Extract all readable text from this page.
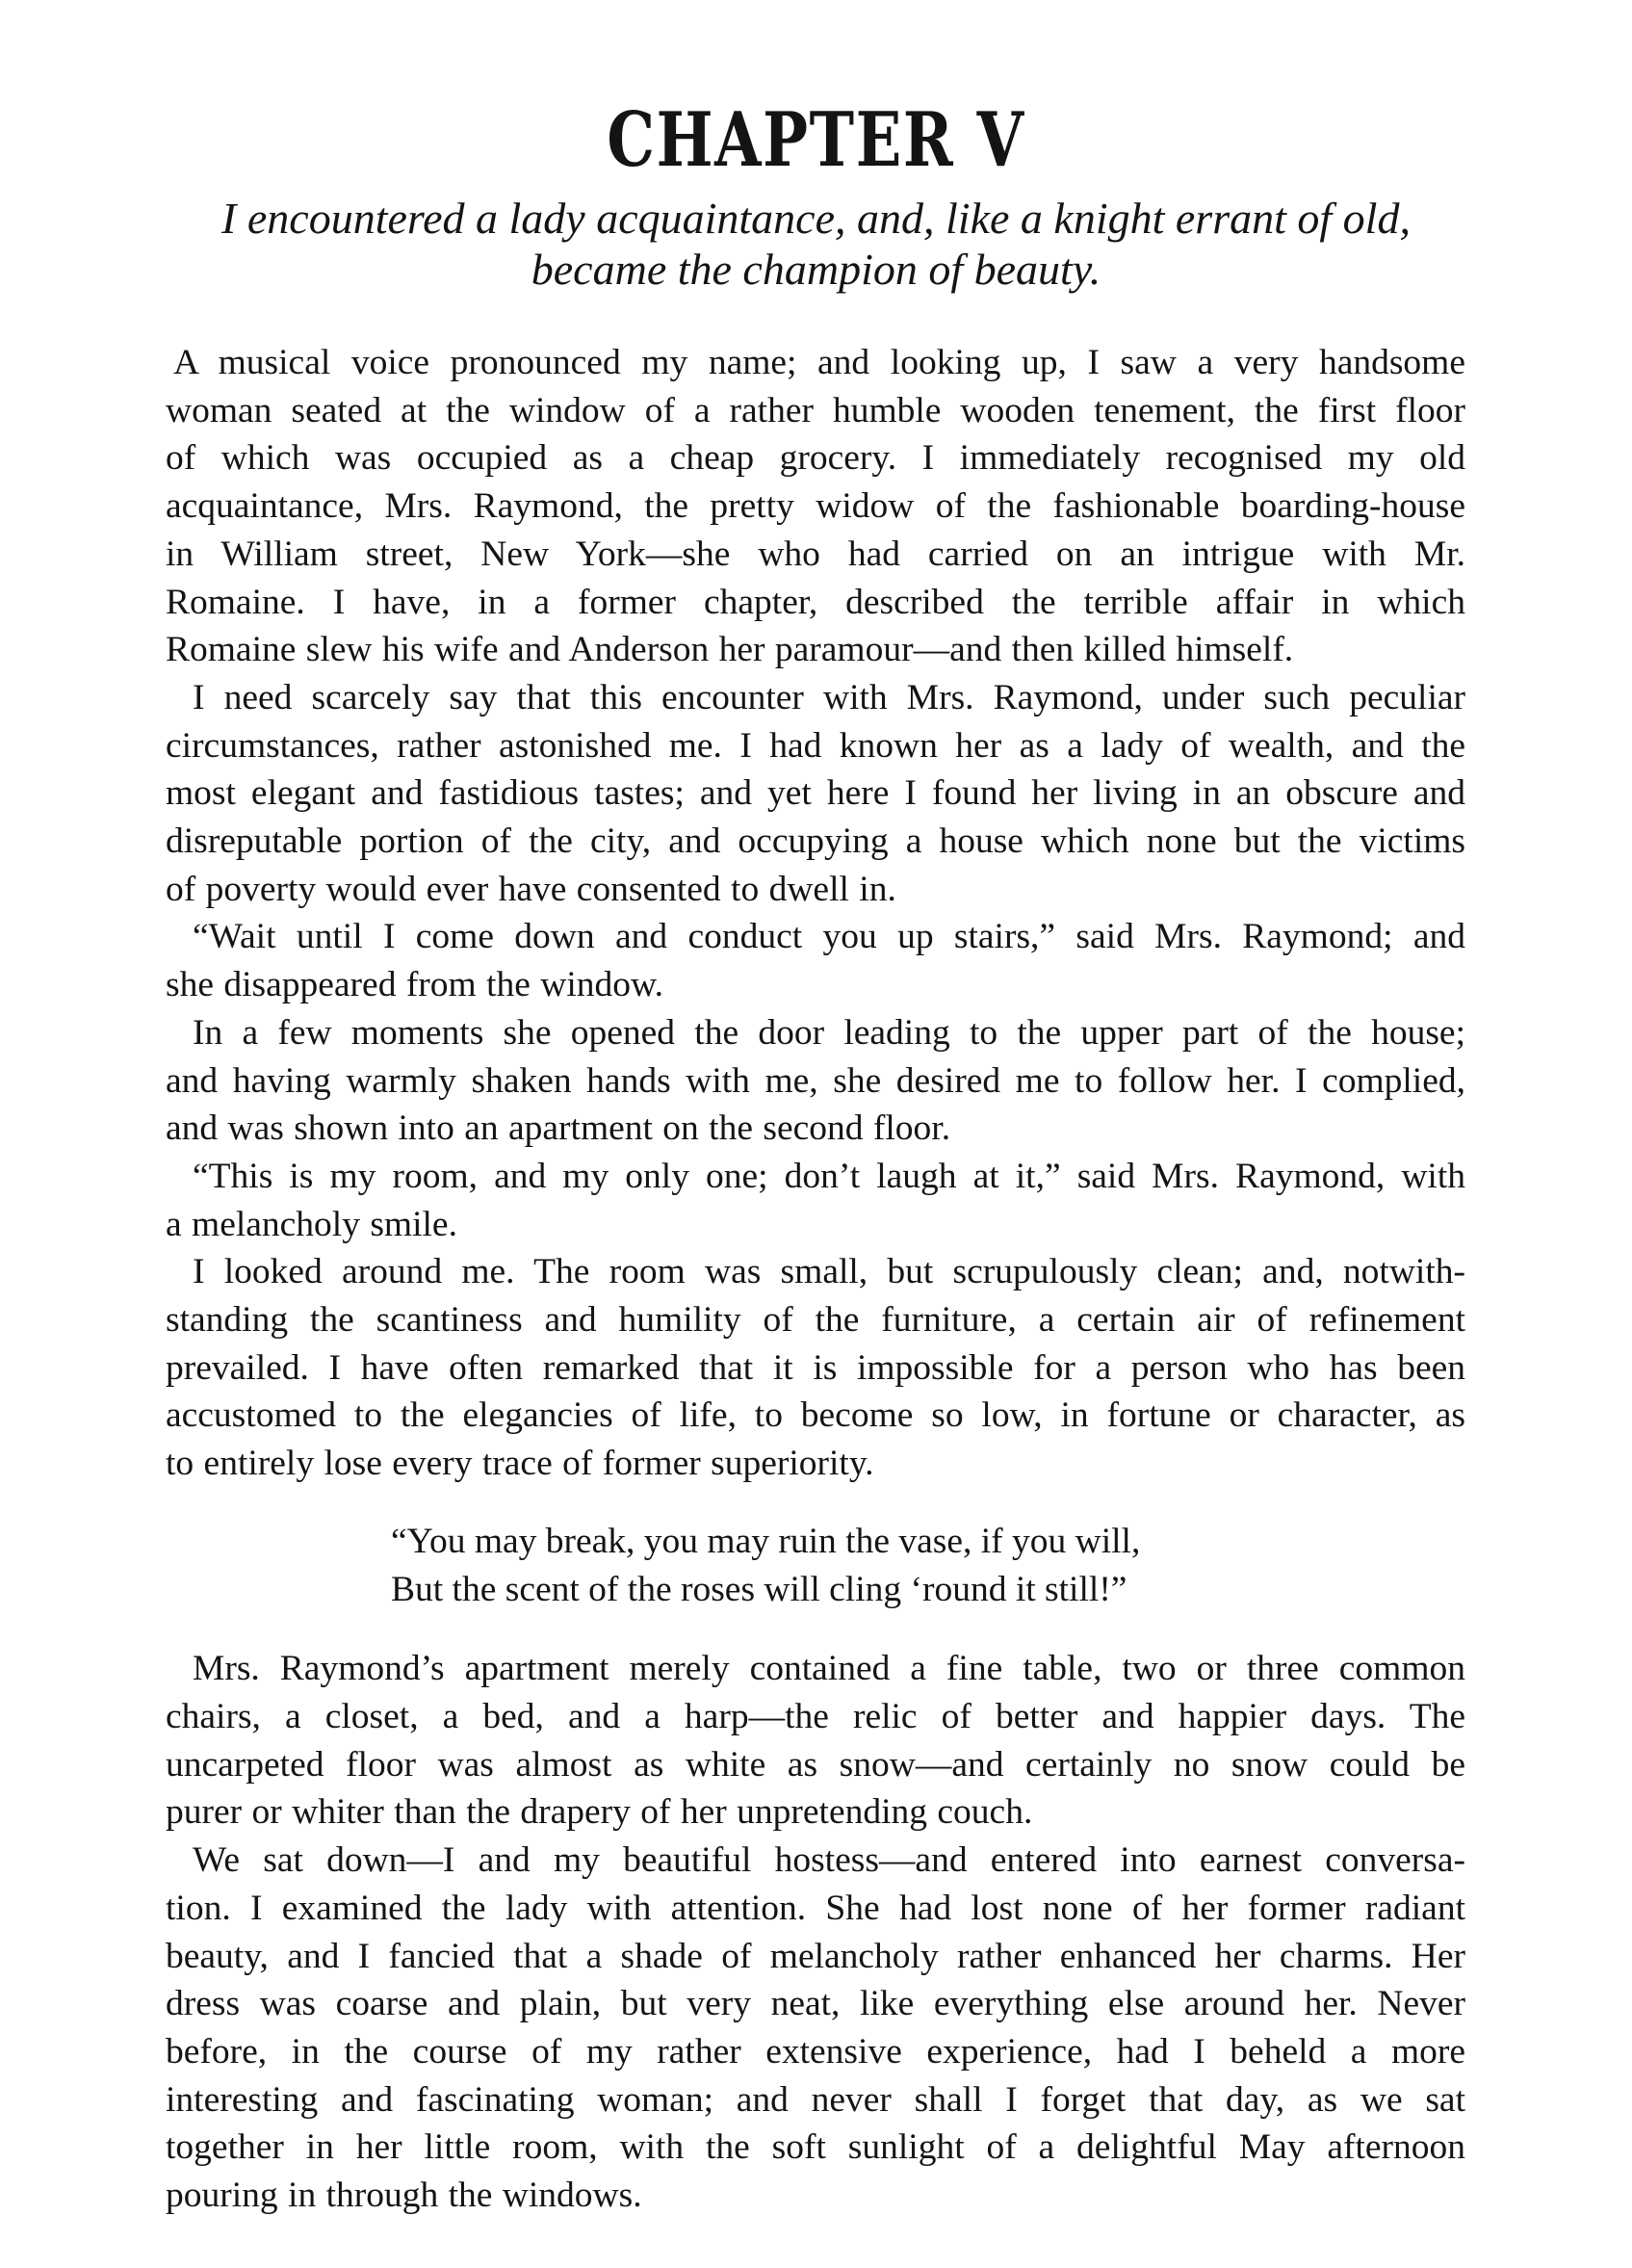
CHAPTER V
I encountered a lady acquaintance, and, like a knight errant of old,
became the champion of beauty.

A musical voice pronounced my name; and looking up, I saw a very handsome
woman seated at the window of a rather humble wooden tenement, the first floor
of which was occupied as a cheap grocery. I immediately recognised my old
acquaintance, Mrs. Raymond, the pretty widow of the fashionable boarding-house
in William street, New York—she who had carried on an intrigue with Mr.
Romaine. I have, in a former chapter, described the terrible affair in which
Romaine slew his wife and Anderson her paramour—and then killed himself.

I need scarcely say that this encounter with Mrs. Raymond, under such peculiar
circumstances, rather astonished me. I had known her as a lady of wealth, and the
most elegant and fastidious tastes; and yet here I found her living in an obscure and
disreputable portion of the city, and occupying a house which none but the victims
of poverty would ever have consented to dwell in.

“Wait until I come down and conduct you up stairs,” said Mrs. Raymond; and
she disappeared from the window.

In a few moments she opened the door leading to the upper part of the house;
and having warmly shaken hands with me, she desired me to follow her. I complied,
and was shown into an apartment on the second floor.

“This is my room, and my only one; don’t laugh at it,” said Mrs. Raymond, with
a melancholy smile.

I looked around me. The room was small, but scrupulously clean; and, notwith-
standing the scantiness and humility of the furniture, a certain air of refinement
prevailed. I have often remarked that it is impossible for a person who has been
accustomed to the elegancies of life, to become so low, in fortune or character, as
to entirely lose every trace of former superiority.

“You may break, you may ruin the vase, if you will,
But the scent of the roses will cling ‘round it still!”

Mrs. Raymond’s apartment merely contained a fine table, two or three common
chairs, a closet, a bed, and a harp—the relic of better and happier days. The
uncarpeted floor was almost as white as snow—and certainly no snow could be
purer or whiter than the drapery of her unpretending couch.

We sat down—I and my beautiful hostess—and entered into earnest conversa-
tion. I examined the lady with attention. She had lost none of her former radiant
beauty, and I fancied that a shade of melancholy rather enhanced her charms. Her
dress was coarse and plain, but very neat, like everything else around her. Never
before, in the course of my rather extensive experience, had I beheld a more
interesting and fascinating woman; and never shall I forget that day, as we sat
together in her little room, with the soft sunlight of a delightful May afternoon
pouring in through the windows.
